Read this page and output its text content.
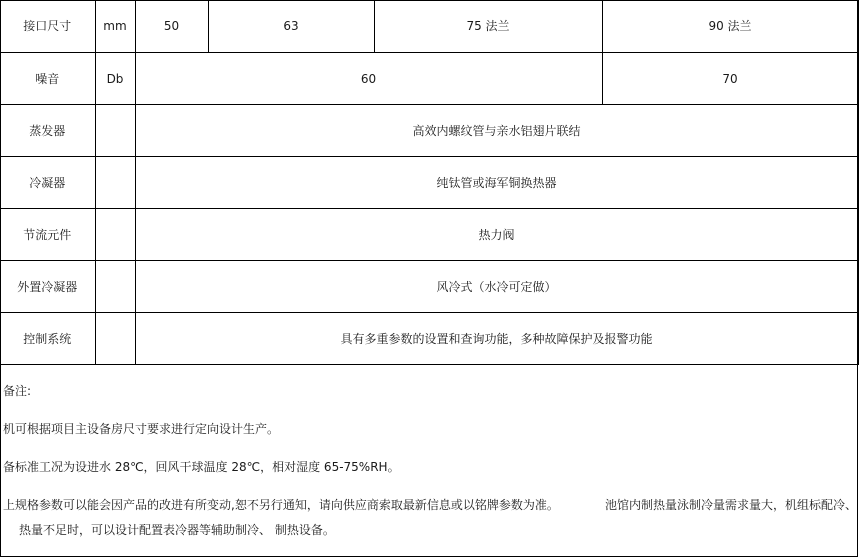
接口尺寸	mm	50	63	75 法兰	90 法兰
噪音	Db	60			70
蒸发器		高效内螺纹管与亲水铝翅片联结			
冷凝器		纯钛管或海军铜换热器			
节流元件		热力阀			
外置冷凝器		风冷式（水冷可定做）			
控制系统		具有多重参数的设置和查询功能，多种故障保护及报警功能			
备注:
机可根据项目主设备房尺寸要求进行定向设计生产。
备标准工况为设进水 28℃，回风干球温度 28℃，相对湿度 65-75%RH。
上规格参数可以能会因产品的改进有所变动,恕不另行通知，请向供应商索取最新信息或以铭牌参数为准。	池馆内制热量泳制冷量需求量大，机组标配冷、
热量不足时，可以设计配置表冷器等辅助制冷、 制热设备。
